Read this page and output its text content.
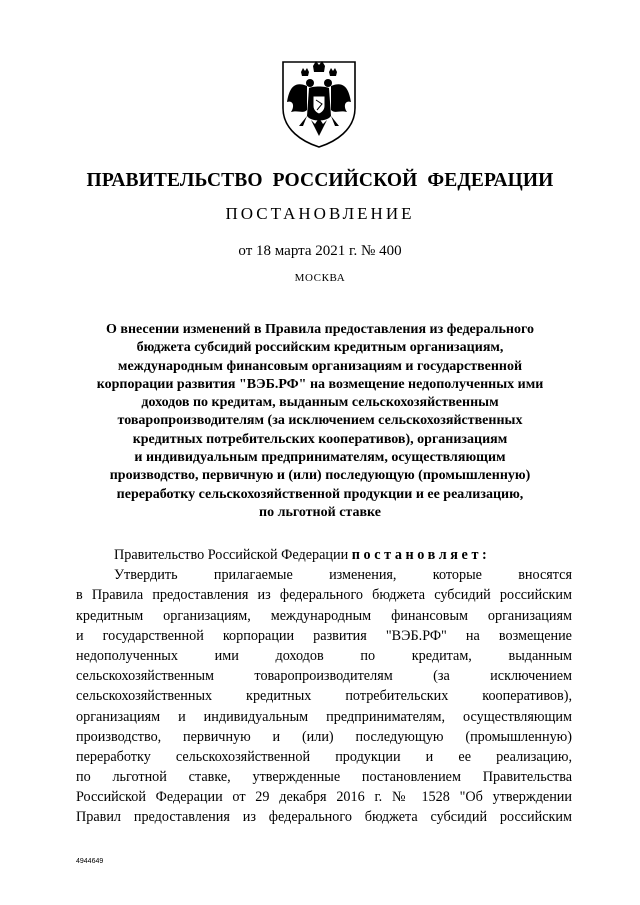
ПРАВИТЕЛЬСТВО РОССИЙСКОЙ ФЕДЕРАЦИИ
ПОСТАНОВЛЕНИЕ
от 18 марта 2021 г. № 400
МОСКВА
О внесении изменений в Правила предоставления из федерального
бюджета субсидий российским кредитным организациям,
международным финансовым организациям и государственной
корпорации развития "ВЭБ.РФ" на возмещение недополученных ими
доходов по кредитам, выданным сельскохозяйственным
товаропроизводителям (за исключением сельскохозяйственных
кредитных потребительских кооперативов), организациям
и индивидуальным предпринимателям, осуществляющим
производство, первичную и (или) последующую (промышленную)
переработку сельскохозяйственной продукции и ее реализацию,
по льготной ставке
Правительство Российской Федерации постановляет:
Утвердить прилагаемые изменения, которые вносятся
в Правила предоставления из федерального бюджета субсидий российским
кредитным организациям, международным финансовым организациям
и государственной корпорации развития "ВЭБ.РФ" на возмещение
недополученных ими доходов по кредитам, выданным
сельскохозяйственным товаропроизводителям (за исключением
сельскохозяйственных кредитных потребительских кооперативов),
организациям и индивидуальным предпринимателям, осуществляющим
производство, первичную и (или) последующую (промышленную)
переработку сельскохозяйственной продукции и ее реализацию,
по льготной ставке, утвержденные постановлением Правительства
Российской Федерации от 29 декабря 2016 г. № 1528 "Об утверждении
Правил предоставления из федерального бюджета субсидий российским
4944649
